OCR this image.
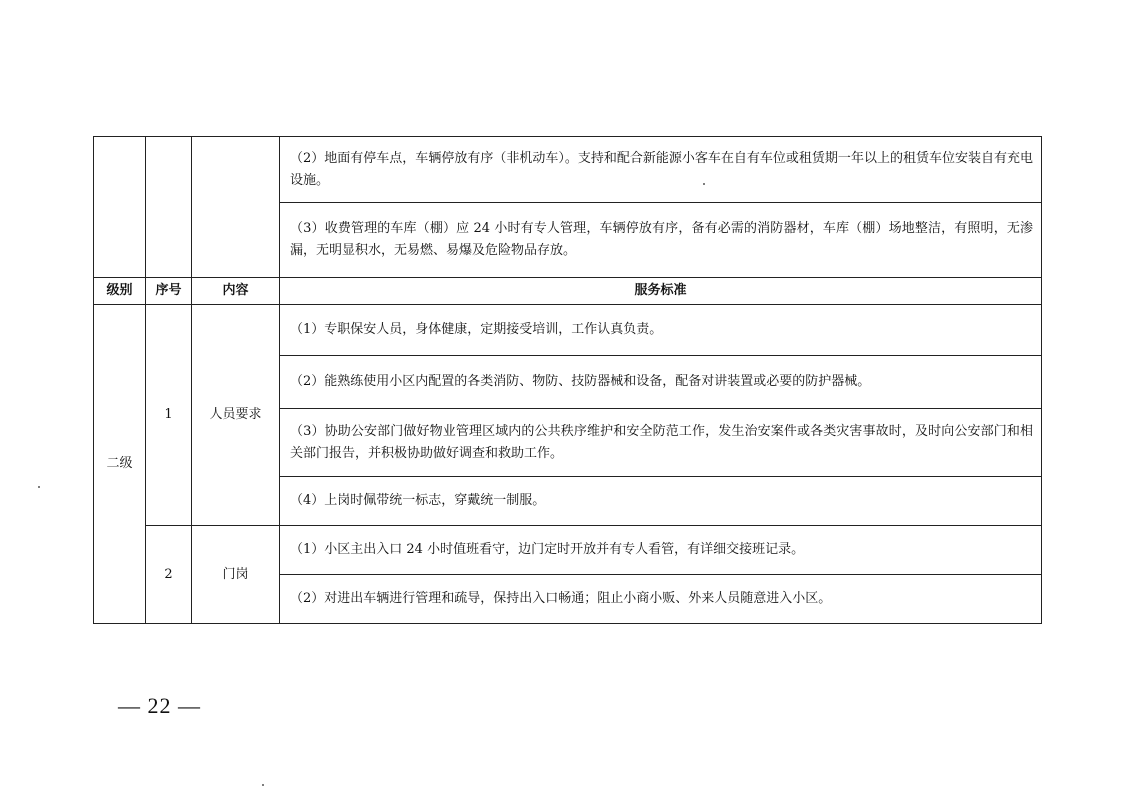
			（2）地面有停车点，车辆停放有序（非机动车）。支持和配合新能源小客车在自有车位或租赁期一年以上的租赁车位安装自有充电设施。
			（3）收费管理的车库（棚）应 24 小时有专人管理，车辆停放有序，备有必需的消防器材，车库（棚）场地整洁，有照明，无渗漏，无明显积水，无易燃、易爆及危险物品存放。
级别	序号	内容	服务标准
二级	1	人员要求	（1）专职保安人员，身体健康，定期接受培训，工作认真负责。
			（2）能熟练使用小区内配置的各类消防、物防、技防器械和设备，配备对讲装置或必要的防护器械。
			（3）协助公安部门做好物业管理区域内的公共秩序维护和安全防范工作，发生治安案件或各类灾害事故时，及时向公安部门和相关部门报告，并积极协助做好调查和救助工作。
			（4）上岗时佩带统一标志，穿戴统一制服。
	2	门岗	（1）小区主出入口 24 小时值班看守，边门定时开放并有专人看管，有详细交接班记录。
			（2）对进出车辆进行管理和疏导，保持出入口畅通；阻止小商小贩、外来人员随意进入小区。
— 22 —
